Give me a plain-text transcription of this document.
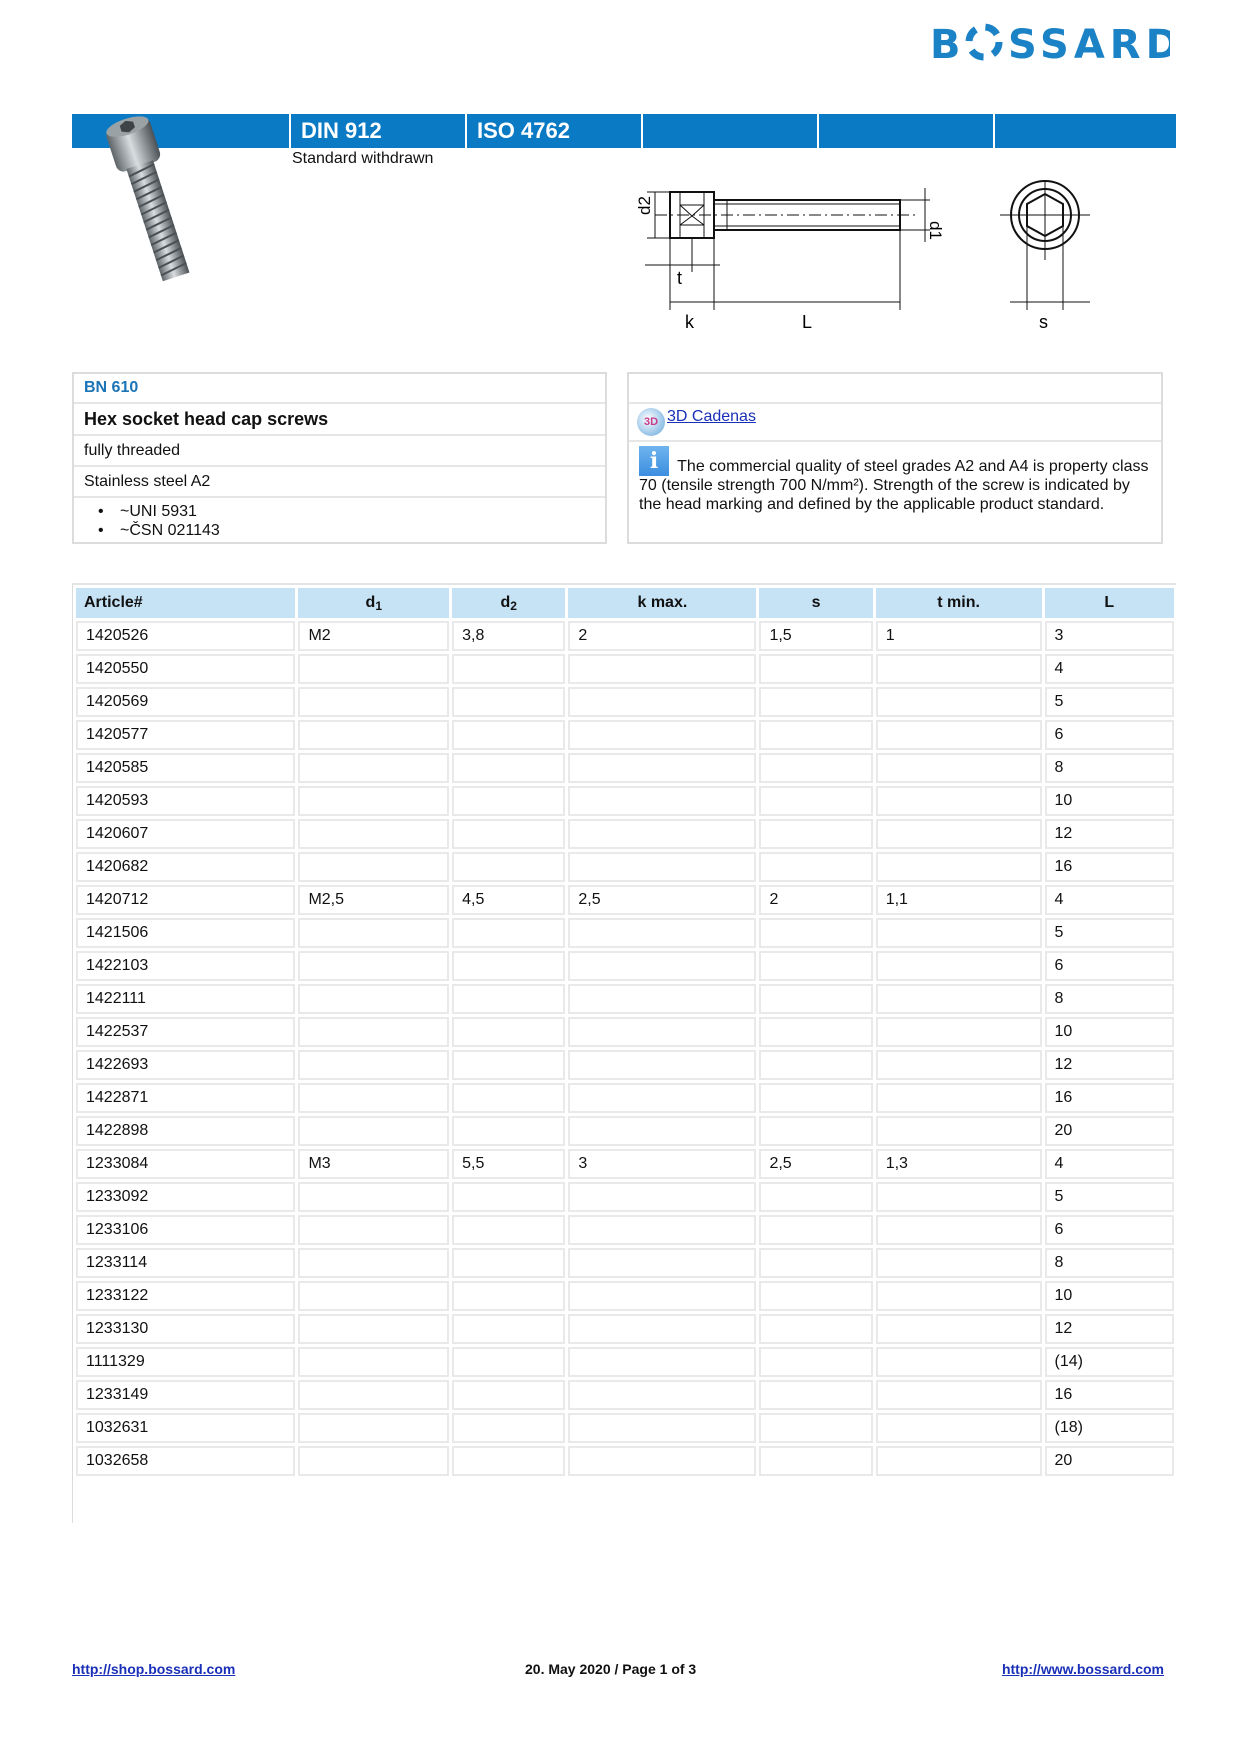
B SSARD
DIN 912	ISO 4762
Standard withdrawn
d2
d1
t
k	L	s
BN 610
Hex socket head cap screws
fully threaded
Stainless steel A2
• ~UNI 5931
• ~ČSN 021143
3D 3D Cadenas
i The commercial quality of steel grades A2 and A4 is property class 70 (tensile strength 700 N/mm²). Strength of the screw is indicated by the head marking and defined by the applicable product standard.
Article#	$d_1$	$d_2$	k max.	s	t min.	L
1420526	M2	3,8	2	1,5	1	3
1420550						4
1420569						5
1420577						6
1420585						8
1420593						10
1420607						12
1420682						16
1420712	M2,5	4,5	2,5	2	1,1	4
1421506						5
1422103						6
1422111						8
1422537						10
1422693						12
1422871						16
1422898						20
1233084	M3	5,5	3	2,5	1,3	4
1233092						5
1233106						6
1233114						8
1233122						10
1233130						12
1111329						(14)
1233149						16
1032631						(18)
1032658						20
http://shop.bossard.com	20. May 2020 / Page 1 of 3	http://www.bossard.com
